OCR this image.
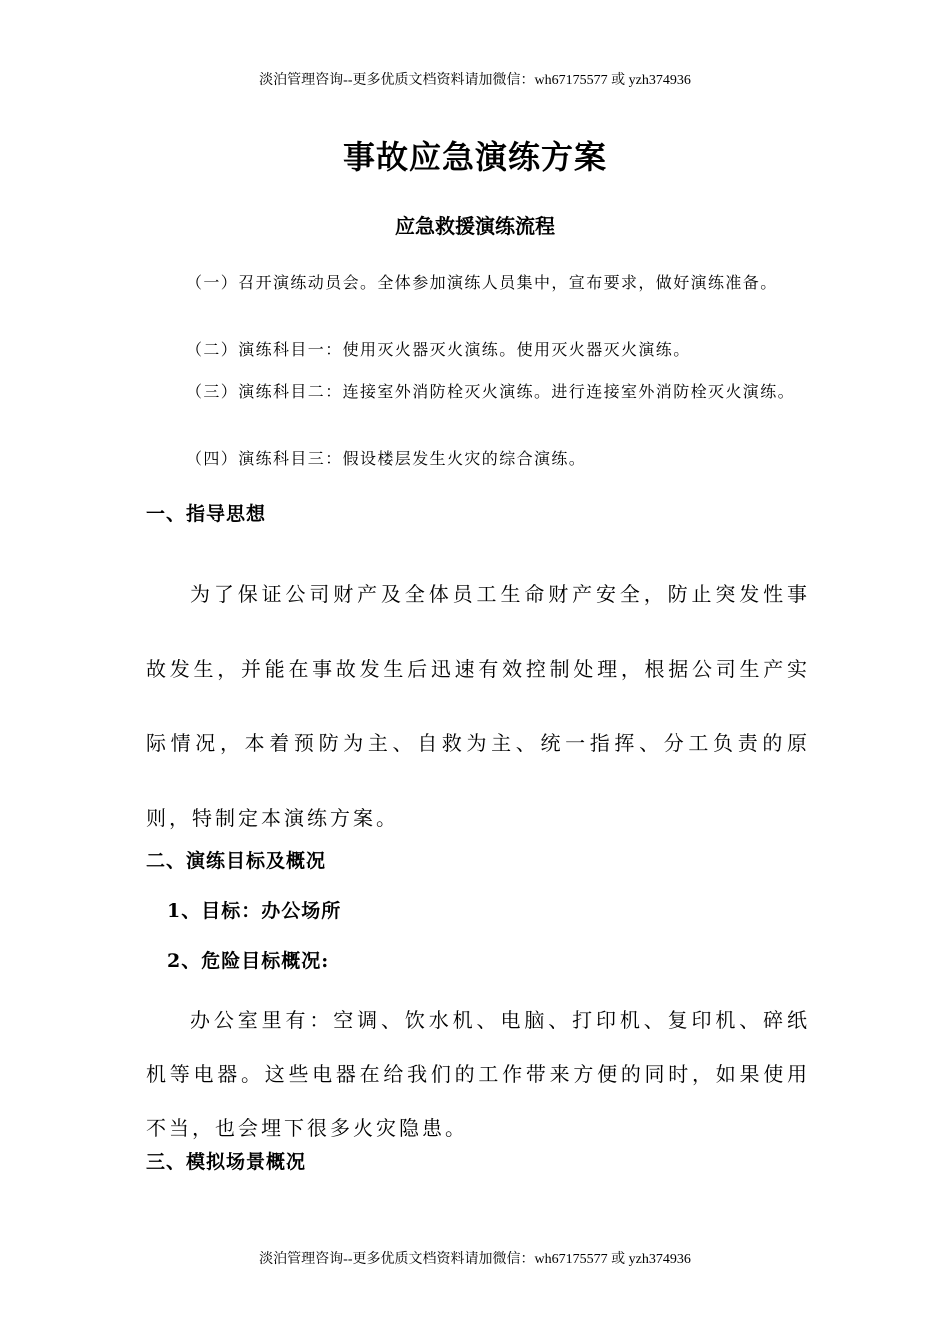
淡泊管理咨询--更多优质文档资料请加微信：wh67175577 或 yzh374936
事故应急演练方案
应急救援演练流程
（一）召开演练动员会。全体参加演练人员集中，宣布要求，做好演练准备。
（二）演练科目一：使用灭火器灭火演练。使用灭火器灭火演练。
（三）演练科目二：连接室外消防栓灭火演练。进行连接室外消防栓灭火演练。
（四）演练科目三：假设楼层发生火灾的综合演练。
一、指导思想
为了保证公司财产及全体员工生命财产安全，防止突发性事故发生，并能在事故发生后迅速有效控制处理，根据公司生产实际情况，本着预防为主、自救为主、统一指挥、分工负责的原则，特制定本演练方案。
二、演练目标及概况
1、目标：办公场所
2、危险目标概况:
办公室里有：空调、饮水机、电脑、打印机、复印机、碎纸机等电器。这些电器在给我们的工作带来方便的同时，如果使用不当，也会埋下很多火灾隐患。
三、模拟场景概况
淡泊管理咨询--更多优质文档资料请加微信：wh67175577 或 yzh374936
